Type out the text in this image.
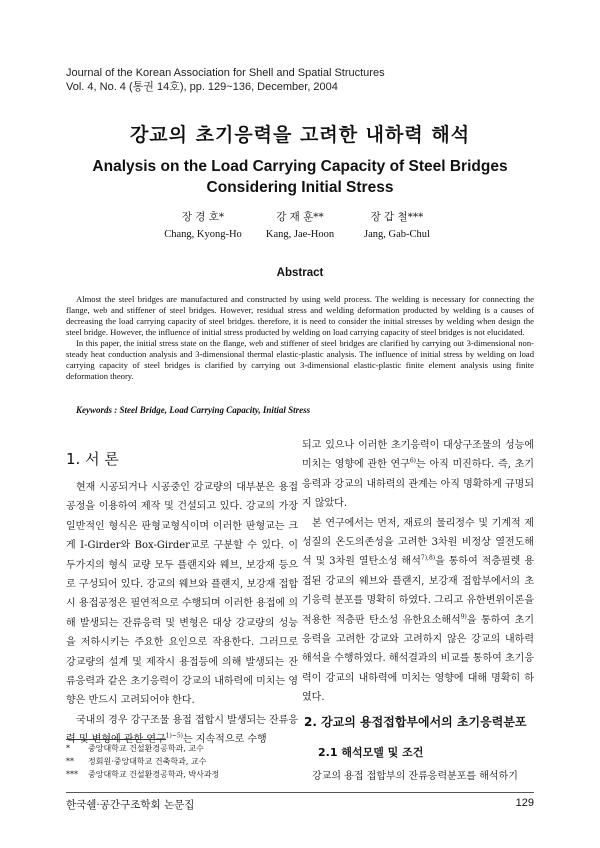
Journal of the Korean Association for Shell and Spatial Structures
Vol. 4, No. 4 (통권 14호), pp. 129~136, December, 2004
강교의 초기응력을 고려한 내하력 해석
Analysis on the Load Carrying Capacity of Steel Bridges
Considering Initial Stress
장 경 호*
Chang, Kyong-Ho
강 재 훈**
Kang, Jae-Hoon
장 갑 철***
Jang, Gab-Chul
Abstract

Almost the steel bridges are manufactured and constructed by using weld process. The welding is necessary for connecting the flange, web and stiffener of steel bridges. However, residual stress and welding deformation producted by welding is a causes of decreasing the load carrying capacity of steel bridges. therefore, it is need to consider the initial stresses by welding when design the steel bridge. However, the influence of initial stress producted by welding on load carrying capacity of steel bridges is not elucidated.

In this paper, the initial stress state on the flange, web and stiffener of steel bridges are clarified by carrying out 3-dimensional non-steady heat conduction analysis and 3-dimensional thermal elastic-plastic analysis. The influence of initial stress by welding on load carrying capacity of steel bridges is clarified by carrying out 3-dimensional elastic-plastic finite element analysis using finite deformation theory.

Keywords : Steel Bridge, Load Carrying Capacity, Initial Stress
1. 서 론

현재 시공되거나 시공중인 강교량의 대부분은 용접공정을 이용하여 제작 및 건설되고 있다. 강교의 가장 일반적인 형식은 판형교형식이며 이러한 판형교는 크게 I-Girder와 Box-Girder교로 구분할 수 있다. 이 두가지의 형식 교량 모두 플랜지와 웨브, 보강재 등으로 구성되어 있다. 강교의 웨브와 플랜지, 보강재 접합시 용접공정은 필연적으로 수행되며 이러한 용접에 의해 발생되는 잔류응력 및 변형은 대상 강교량의 성능을 저하시키는 주요한 요인으로 작용한다. 그러므로 강교량의 설계 및 제작시 용접등에 의해 발생되는 잔류응력과 같은 초기응력이 강교의 내하력에 미치는 영향은 반드시 고려되어야 한다.

국내의 경우 강구조물 용접 접합시 발생되는 잔류응력 및 변형에 관한 연구$^{1)\sim 5)}$는 지속적으로 수행

되고 있으나 이러한 초기응력이 대상구조물의 성능에 미치는 영향에 관한 연구$^{6)}$는 아직 미진하다. 즉, 초기응력과 강교의 내하력의 관계는 아직 명확하게 규명되지 않았다.

본 연구에서는 먼저, 재료의 물리정수 및 기계적 제성질의 온도의존성을 고려한 3차원 비정상 열전도해석 및 3차원 열탄소성 해석$^{7),8)}$을 통하여 적층필렛 용접된 강교의 웨브와 플랜지, 보강재 접합부에서의 초기응력 분포를 명확히 하였다. 그리고 유한변위이론을 적용한 적층판 탄소성 유한요소해석$^{9)}$을 통하여 초기응력을 고려한 강교와 고려하지 않은 강교의 내하력 해석을 수행하였다. 해석결과의 비교를 통하여 초기응력이 강교의 내하력에 미치는 영향에 대해 명확히 하였다.

2. 강교의 용접접합부에서의 초기응력분포
2.1 해석모델 및 조건
강교의 용접 접합부의 잔류응력분포를 해석하기
* 중앙대학교 건설환경공학과, 교수
** 정회원·중앙대학교 건축학과, 교수
*** 중앙대학교 건설환경공학과, 박사과정
한국쉘·공간구조학회 논문집	129
